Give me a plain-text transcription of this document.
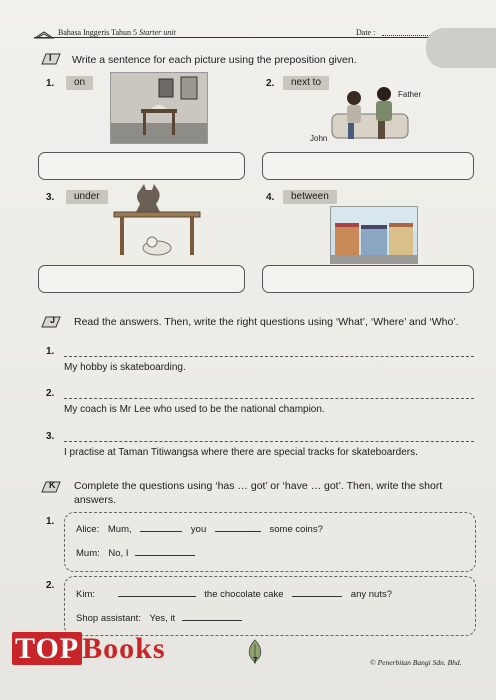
Bahasa Inggeris Tahun 5 Starter unit	Date :
I Write a sentence for each picture using the preposition given.
1.	on	2.	next to
Father
John
3.	under	4.	between
J Read the answers. Then, write the right questions using ‘What’, ‘Where’ and ‘Who’.
1.
My hobby is skateboarding.
2.
My coach is Mr Lee who used to be the national champion.
3.
I practise at Taman Titiwangsa where there are special tracks for skateboarders.
K Complete the questions using ‘has … got’ or ‘have … got’. Then, write the short
answers.
1.
Alice: Mum,	you	some coins?
Mum: No, I
2.
Kim:	the chocolate cake	any nuts?
Shop assistant: Yes, it
7	© Penerbitan Bangi Sdn. Bhd.
TOP Books
